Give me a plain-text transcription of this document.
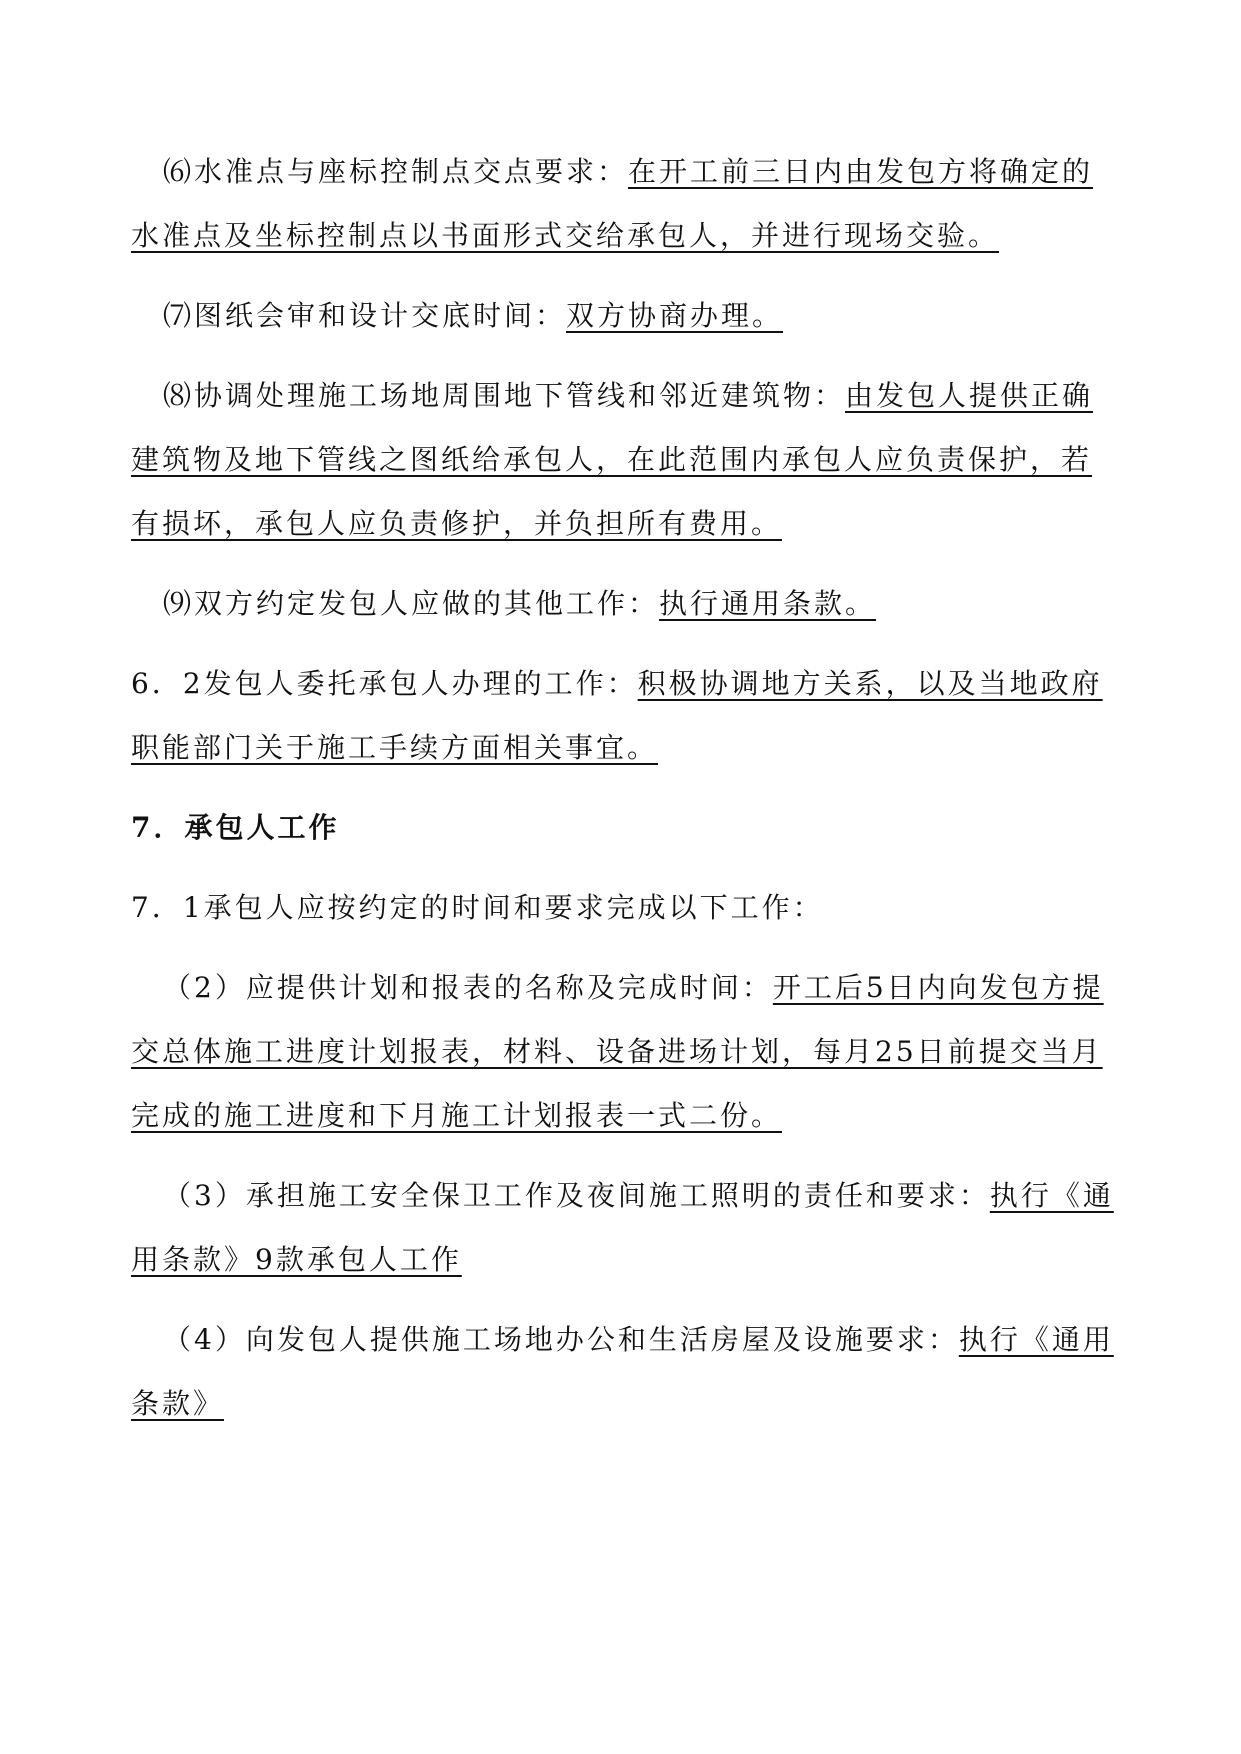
⑹水准点与座标控制点交点要求：在开工前三日内由发包方将确定的水准点及坐标控制点以书面形式交给承包人，并进行现场交验。

⑺图纸会审和设计交底时间：双方协商办理。

⑻协调处理施工场地周围地下管线和邻近建筑物：由发包人提供正确建筑物及地下管线之图纸给承包人，在此范围内承包人应负责保护，若有损坏，承包人应负责修护，并负担所有费用。

⑼双方约定发包人应做的其他工作：执行通用条款。

6．2发包人委托承包人办理的工作：积极协调地方关系，以及当地政府职能部门关于施工手续方面相关事宜。

7．承包人工作

7．1承包人应按约定的时间和要求完成以下工作：

（2）应提供计划和报表的名称及完成时间：开工后5日内向发包方提交总体施工进度计划报表，材料、设备进场计划，每月25日前提交当月完成的施工进度和下月施工计划报表一式二份。

（3）承担施工安全保卫工作及夜间施工照明的责任和要求：执行《通用条款》9款承包人工作

（4）向发包人提供施工场地办公和生活房屋及设施要求：执行《通用条款》
